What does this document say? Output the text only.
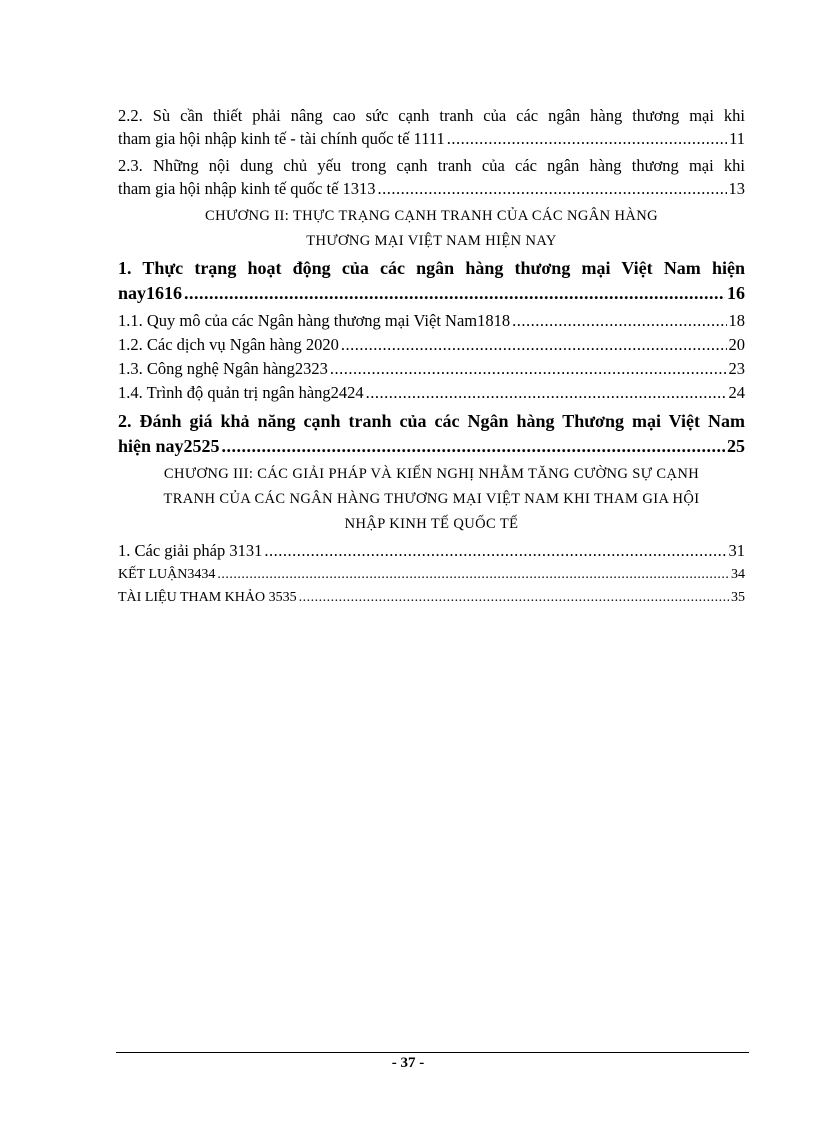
2.2. Sù cần thiết phải nâng cao sức cạnh tranh của các ngân hàng thương mại khi
tham gia hội nhập kinh tế - tài chính quốc tế 1111 .....	11
2.3. Những nội dung chủ yếu trong cạnh tranh của các ngân hàng thương mại khi
tham gia hội nhập kinh tế quốc tế 1313 .....	13
CHƯƠNG II: THỰC TRẠNG CẠNH TRANH CỦA CÁC NGÂN HÀNG
THƯƠNG MẠI VIỆT NAM HIỆN NAY
1. Thực trạng hoạt động của các ngân hàng thương mại Việt Nam hiện
nay1616 .....	16
1.1. Quy mô của các Ngân hàng thương mại Việt Nam1818 .....	18
1.2. Các dịch vụ Ngân hàng 2020 .....	20
1.3. Công nghệ Ngân hàng2323 .....	23
1.4. Trình độ quản trị ngân hàng2424 .....	24
2. Đánh giá khả năng cạnh tranh của các Ngân hàng Thương mại Việt Nam
hiện nay2525 .....	25
CHƯƠNG III: CÁC GIẢI PHÁP VÀ KIẾN NGHỊ NHẰM TĂNG CƯỜNG SỰ CẠNH
TRANH CỦA CÁC NGÂN HÀNG THƯƠNG MẠI VIỆT NAM KHI THAM GIA HỘI
NHẬP KINH TẾ QUỐC TẾ
1. Các giải pháp 3131 .....	31
KẾT LUẬN3434 .....	34
TÀI LIỆU THAM KHẢO 3535 .....	35
- 37 -
